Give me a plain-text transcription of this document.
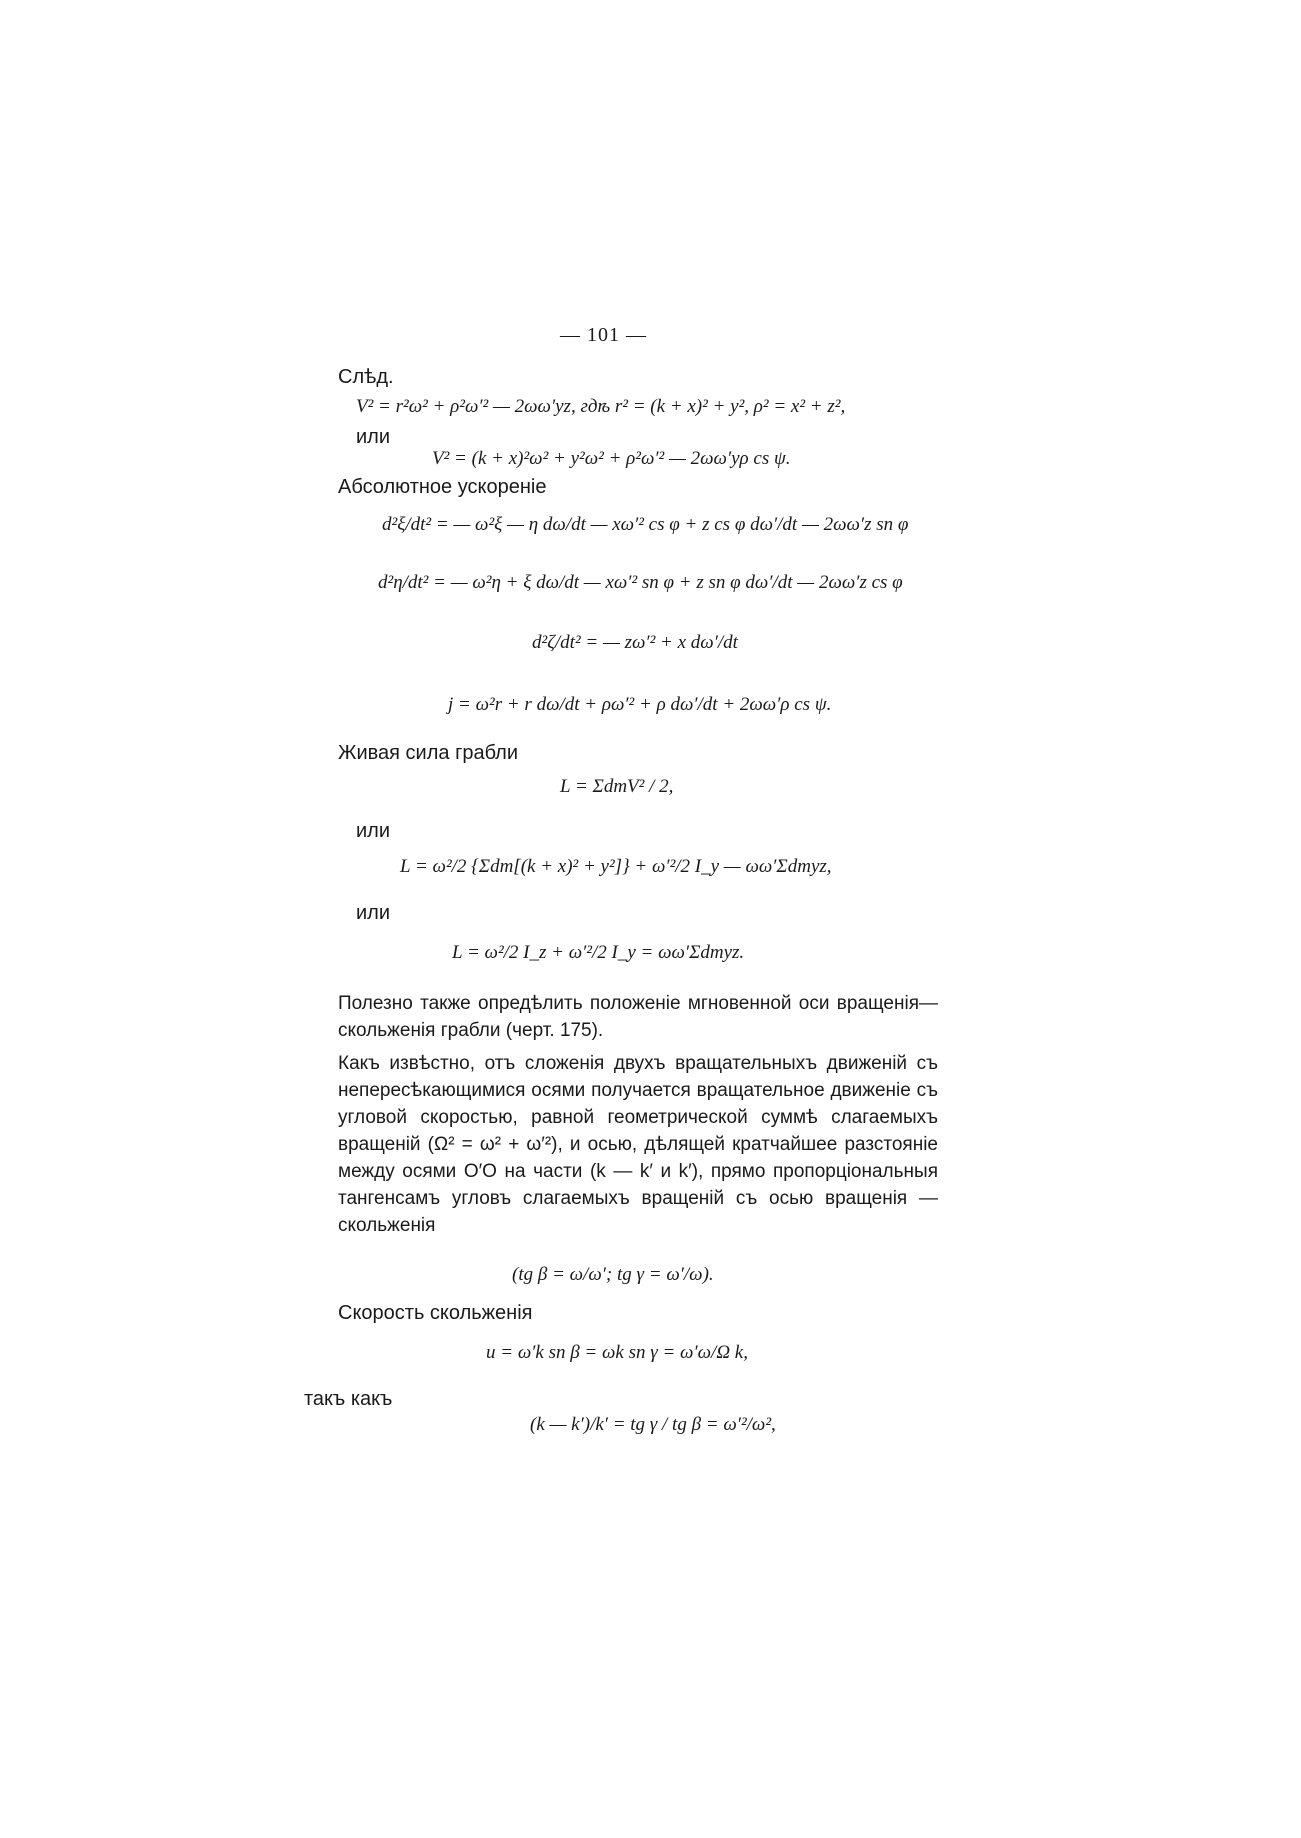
— 101 —
Слѣд.
V² = r²ω² + ρ²ω′² — 2ωω′yz, гдѣ r² = (k + x)² + y², ρ² = x² + z²,
или
V² = (k + x)²ω² + y²ω² + ρ²ω′² — 2ωω′yρ cs ψ.
Абсолютное ускореніе
d²ξ/dt² = — ω²ξ — η dω/dt — xω′² cs φ + z cs φ dω′/dt — 2ωω′z sn φ
d²η/dt² = — ω²η + ξ dω/dt — xω′² sn φ + z sn φ dω′/dt — 2ωω′z cs φ
d²ζ/dt² = — zω′² + x dω′/dt
j = ω²r + r dω/dt + ρω′² + ρ dω′/dt + 2ωω′ρ cs ψ.
Живая сила грабли
L = ΣdmV² / 2,
или
L = ω²/2 {Σdm[(k + x)² + y²]} + ω′²/2 I_y — ωω′Σdmyz,
или
L = ω²/2 I_z + ω′²/2 I_y = ωω′Σdmyz.
Полезно также опредѣлить положеніе мгновенной оси вращенія—скольженія грабли (черт. 175).
Какъ извѣстно, отъ сложенія двухъ вращательныхъ движеній съ непересѣкающимися осями получается вращательное движеніе съ угловой скоростью, равной геометрической суммѣ слагаемыхъ вращеній (Ω² = ω² + ω′²), и осью, дѣлящей кратчайшее разстояніе между осями O′O на части (k — k′ и k′), прямо пропорціональныя тангенсамъ угловъ слагаемыхъ вращеній съ осью вращенія — скольженія
(tg β = ω/ω′; tg γ = ω′/ω).
Скорость скольженія
u = ω′k sn β = ωk sn γ = ω′ω/Ω k,
такъ какъ
(k — k′)/k′ = tg γ / tg β = ω′²/ω²,
